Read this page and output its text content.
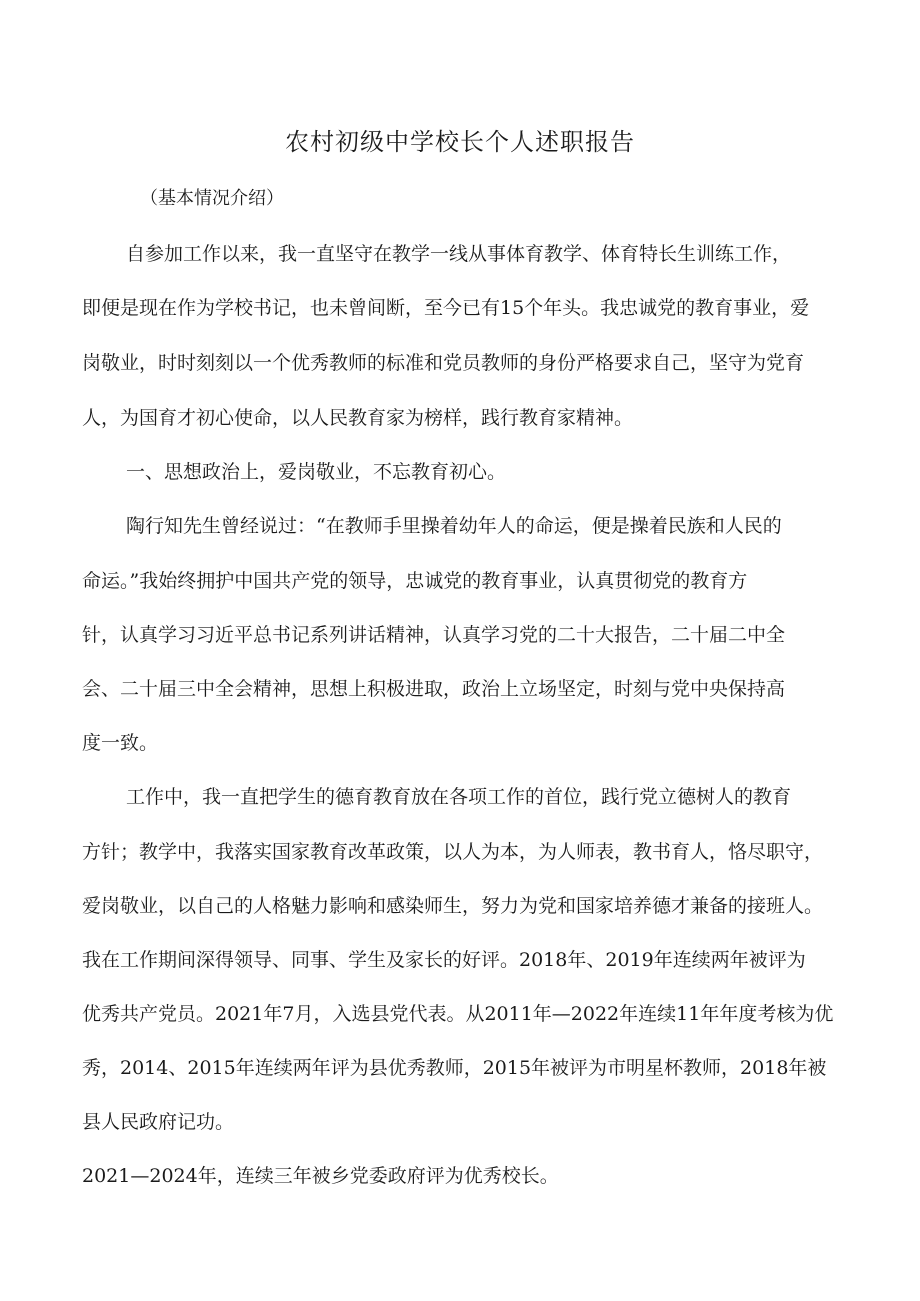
农村初级中学校长个人述职报告
（基本情况介绍）
自参加工作以来，我一直坚守在教学一线从事体育教学、体育特长生训练工作，
即便是现在作为学校书记，也未曾间断，至今已有15个年头。我忠诚党的教育事业，爱
岗敬业，时时刻刻以一个优秀教师的标准和党员教师的身份严格要求自己，坚守为党育
人，为国育才初心使命，以人民教育家为榜样，践行教育家精神。
一、思想政治上，爱岗敬业，不忘教育初心。
陶行知先生曾经说过：“在教师手里操着幼年人的命运，便是操着民族和人民的
命运。”我始终拥护中国共产党的领导，忠诚党的教育事业，认真贯彻党的教育方
针，认真学习习近平总书记系列讲话精神，认真学习党的二十大报告，二十届二中全
会、二十届三中全会精神，思想上积极进取，政治上立场坚定，时刻与党中央保持高
度一致。
工作中，我一直把学生的德育教育放在各项工作的首位，践行党立德树人的教育
方针；教学中，我落实国家教育改革政策，以人为本，为人师表，教书育人，恪尽职守，
爱岗敬业，以自己的人格魅力影响和感染师生，努力为党和国家培养德才兼备的接班人。
我在工作期间深得领导、同事、学生及家长的好评。2018年、2019年连续两年被评为
优秀共产党员。2021年7月，入选县党代表。从2011年—2022年连续11年年度考核为优
秀，2014、2015年连续两年评为县优秀教师，2015年被评为市明星杯教师，2018年被
县人民政府记功。
2021—2024年，连续三年被乡党委政府评为优秀校长。
